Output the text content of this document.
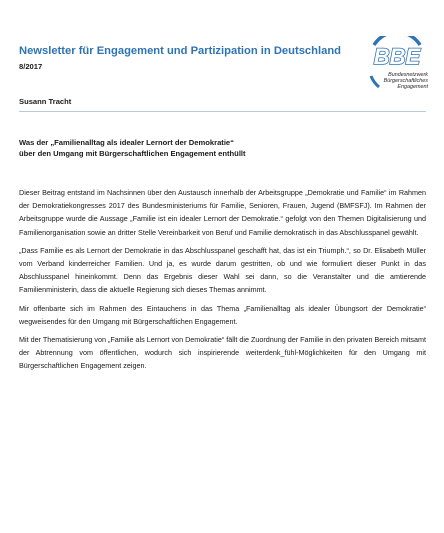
Newsletter für Engagement und Partizipation in Deutschland
8/2017	BBE
Bundesnetzwerk
Bürgerschaftliches
Engagement
Susann Tracht
Was der „Familienalltag als idealer Lernort der Demokratie“
über den Umgang mit Bürgerschaftlichen Engagement enthüllt

Dieser Beitrag entstand im Nachsinnen über den Austausch innerhalb der Arbeitsgruppe „Demokratie und Familie“ im Rahmen der Demokratiekongresses 2017 des Bundesministeriums für Familie, Senioren, Frauen, Jugend (BMFSFJ). Im Rahmen der Arbeitsgruppe wurde die Aussage „Familie ist ein idealer Lernort der Demokratie.“ gefolgt von den Themen Digitalisierung und Familienorganisation sowie an dritter Stelle Vereinbarkeit von Beruf und Familie demokratisch in das Abschlusspanel gewählt.

„Dass Familie es als Lernort der Demokratie in das Abschlusspanel geschafft hat, das ist ein Triumph.“, so Dr. Elisabeth Müller vom Verband kinderreicher Familien. Und ja, es wurde darum gestritten, ob und wie formuliert dieser Punkt in das Abschlusspanel hineinkommt. Denn das Ergebnis dieser Wahl sei dann, so die Veranstalter und die amtierende Familienministerin, dass die aktuelle Regierung sich dieses Themas annimmt.

Mir offenbarte sich im Rahmen des Eintauchens in das Thema „Familienalltag als idealer Übungsort der Demokratie“ wegweisendes für den Umgang mit Bürgerschaftlichen Engagement.

Mit der Thematisierung von „Familie als Lernort von Demokratie“ fällt die Zuordnung der Familie in den privaten Bereich mitsamt der Abtrennung vom öffentlichen, wodurch sich inspirierende weiterdenk_fühl-Möglichkeiten für den Umgang mit Bürgerschaftlichen Engagement zeigen.
